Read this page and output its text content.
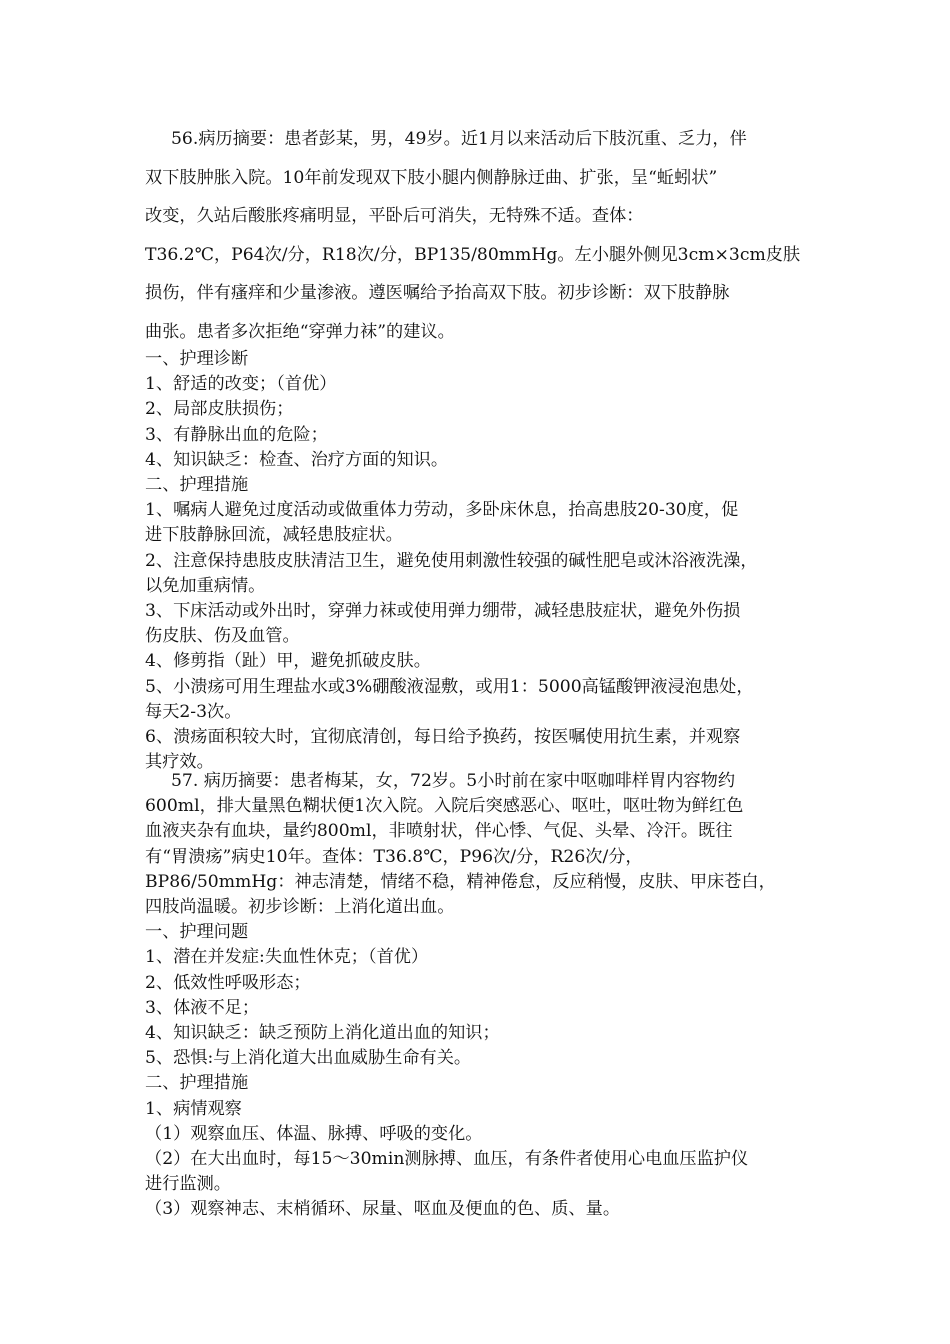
56.病历摘要：患者彭某，男，49岁。近1月以来活动后下肢沉重、乏力，伴

双下肢肿胀入院。10年前发现双下肢小腿内侧静脉迂曲、扩张，呈“蚯蚓状”

改变，久站后酸胀疼痛明显，平卧后可消失，无特殊不适。查体：

T36.2℃，P64次/分，R18次/分，BP135/80mmHg。左小腿外侧见3cm×3cm皮肤

损伤，伴有瘙痒和少量渗液。遵医嘱给予抬高双下肢。初步诊断：双下肢静脉

曲张。患者多次拒绝“穿弹力袜”的建议。

一、护理诊断

1、舒适的改变；（首优）

2、局部皮肤损伤；

3、有静脉出血的危险；

4、知识缺乏：检查、治疗方面的知识。

二、护理措施

1、嘱病人避免过度活动或做重体力劳动，多卧床休息，抬高患肢20-30度，促

进下肢静脉回流，减轻患肢症状。

2、注意保持患肢皮肤清洁卫生，避免使用刺激性较强的碱性肥皂或沐浴液洗澡，

以免加重病情。

3、下床活动或外出时，穿弹力袜或使用弹力绷带，减轻患肢症状，避免外伤损

伤皮肤、伤及血管。

4、修剪指（趾）甲，避免抓破皮肤。

5、小溃疡可用生理盐水或3%硼酸液湿敷，或用1：5000高锰酸钾液浸泡患处，

每天2-3次。

6、溃疡面积较大时，宜彻底清创，每日给予换药，按医嘱使用抗生素，并观察

其疗效。

57. 病历摘要：患者梅某，女，72岁。5小时前在家中呕咖啡样胃内容物约

600ml，排大量黑色糊状便1次入院。入院后突感恶心、呕吐，呕吐物为鲜红色

血液夹杂有血块，量约800ml，非喷射状，伴心悸、气促、头晕、冷汗。既往

有“胃溃疡”病史10年。查体：T36.8℃，P96次/分，R26次/分，

BP86/50mmHg：神志清楚，情绪不稳，精神倦怠，反应稍慢，皮肤、甲床苍白，

四肢尚温暖。初步诊断：上消化道出血。

一、护理问题

1、潜在并发症:失血性休克；（首优）

2、低效性呼吸形态；

3、体液不足；

4、知识缺乏：缺乏预防上消化道出血的知识；

5、恐惧:与上消化道大出血威胁生命有关。

二、护理措施

1、病情观察

（1）观察血压、体温、脉搏、呼吸的变化。

（2）在大出血时，每15～30min测脉搏、血压，有条件者使用心电血压监护仪

进行监测。

（3）观察神志、末梢循环、尿量、呕血及便血的色、质、量。
